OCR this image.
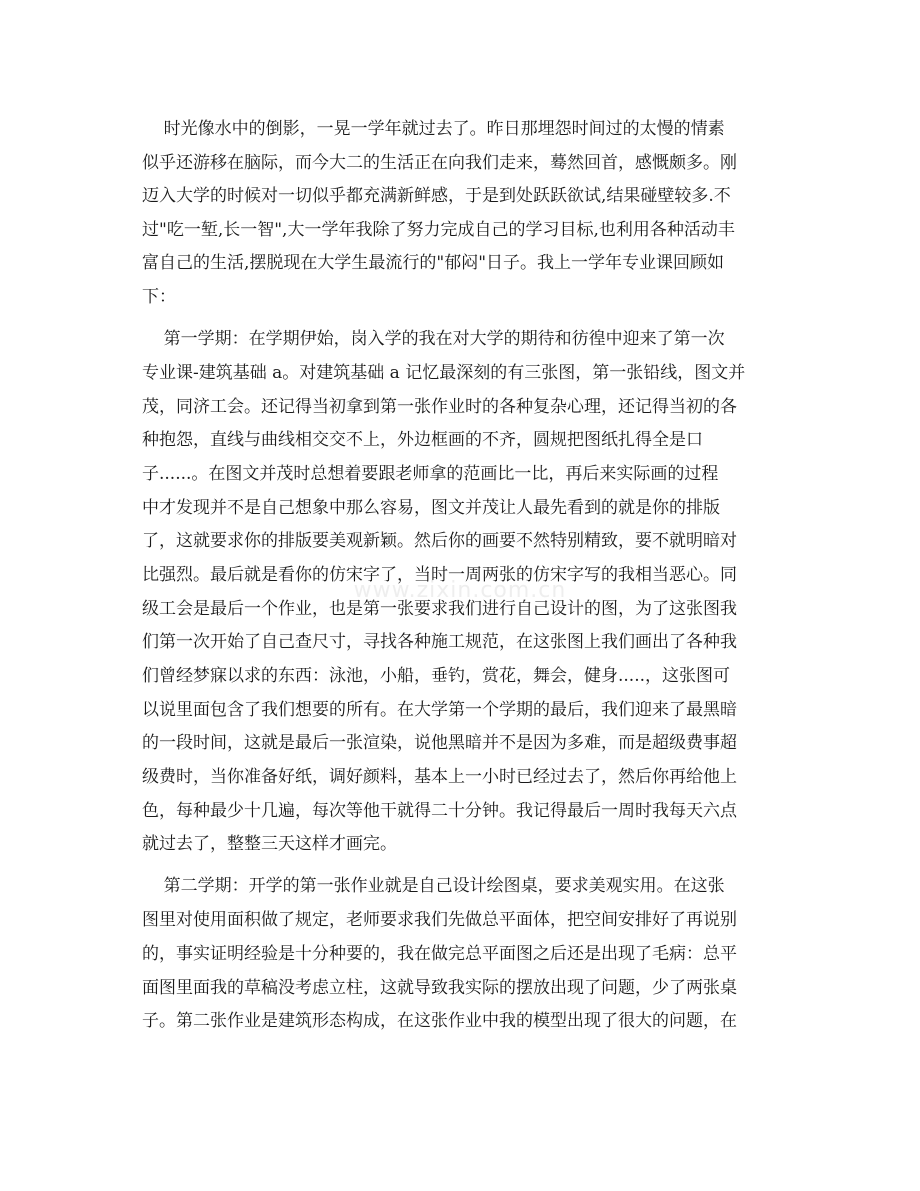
时光像水中的倒影，一晃一学年就过去了。昨日那埋怨时间过的太慢的情素
似乎还游移在脑际，而今大二的生活正在向我们走来，蓦然回首，感慨颇多。刚
迈入大学的时候对一切似乎都充满新鲜感，于是到处跃跃欲试,结果碰壁较多.不
过"吃一堑,长一智",大一学年我除了努力完成自己的学习目标,也利用各种活动丰
富自己的生活,摆脱现在大学生最流行的"郁闷"日子。我上一学年专业课回顾如
下：
第一学期：在学期伊始，岗入学的我在对大学的期待和彷徨中迎来了第一次
专业课-建筑基础 a。对建筑基础 a 记忆最深刻的有三张图，第一张铅线，图文并
茂，同济工会。还记得当初拿到第一张作业时的各种复杂心理，还记得当初的各
种抱怨，直线与曲线相交交不上，外边框画的不齐，圆规把图纸扎得全是口
子......。在图文并茂时总想着要跟老师拿的范画比一比，再后来实际画的过程
中才发现并不是自己想象中那么容易，图文并茂让人最先看到的就是你的排版
了，这就要求你的排版要美观新颖。然后你的画要不然特别精致，要不就明暗对
比强烈。最后就是看你的仿宋字了，当时一周两张的仿宋字写的我相当恶心。同
级工会是最后一个作业，也是第一张要求我们进行自己设计的图，为了这张图我
们第一次开始了自己查尺寸，寻找各种施工规范，在这张图上我们画出了各种我
们曾经梦寐以求的东西：泳池，小船，垂钓，赏花，舞会，健身.....，这张图可
以说里面包含了我们想要的所有。在大学第一个学期的最后，我们迎来了最黑暗
的一段时间，这就是最后一张渲染，说他黑暗并不是因为多难，而是超级费事超
级费时，当你准备好纸，调好颜料，基本上一小时已经过去了，然后你再给他上
色，每种最少十几遍，每次等他干就得二十分钟。我记得最后一周时我每天六点
就过去了，整整三天这样才画完。
第二学期：开学的第一张作业就是自己设计绘图桌，要求美观实用。在这张
图里对使用面积做了规定，老师要求我们先做总平面体，把空间安排好了再说别
的，事实证明经验是十分种要的，我在做完总平面图之后还是出现了毛病：总平
面图里面我的草稿没考虑立柱，这就导致我实际的摆放出现了问题，少了两张桌
子。第二张作业是建筑形态构成，在这张作业中我的模型出现了很大的问题，在
www.zixin.com.cn
